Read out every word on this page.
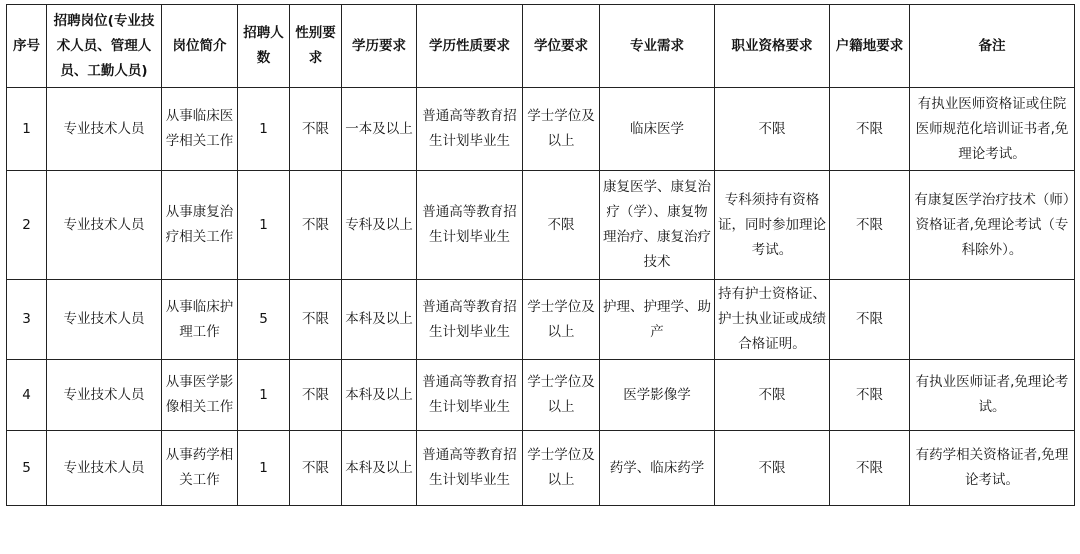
序号	招聘岗位(专业技术人员、管理人员、工勤人员)	岗位简介	招聘人数	性别要求	学历要求	学历性质要求	学位要求	专业需求	职业资格要求	户籍地要求	备注
1	专业技术人员	从事临床医学相关工作	1	不限	一本及以上	普通高等教育招生计划毕业生	学士学位及以上	临床医学	不限	不限	有执业医师资格证或住院医师规范化培训证书者,免理论考试。
2	专业技术人员	从事康复治疗相关工作	1	不限	专科及以上	普通高等教育招生计划毕业生	不限	康复医学、康复治疗（学）、康复物理治疗、康复治疗技术	专科须持有资格证，同时参加理论考试。	不限	有康复医学治疗技术（师）资格证者,免理论考试（专科除外）。
3	专业技术人员	从事临床护理工作	5	不限	本科及以上	普通高等教育招生计划毕业生	学士学位及以上	护理、护理学、助产	持有护士资格证、护士执业证或成绩合格证明。	不限	
4	专业技术人员	从事医学影像相关工作	1	不限	本科及以上	普通高等教育招生计划毕业生	学士学位及以上	医学影像学	不限	不限	有执业医师证者,免理论考试。
5	专业技术人员	从事药学相关工作	1	不限	本科及以上	普通高等教育招生计划毕业生	学士学位及以上	药学、临床药学	不限	不限	有药学相关资格证者,免理论考试。
